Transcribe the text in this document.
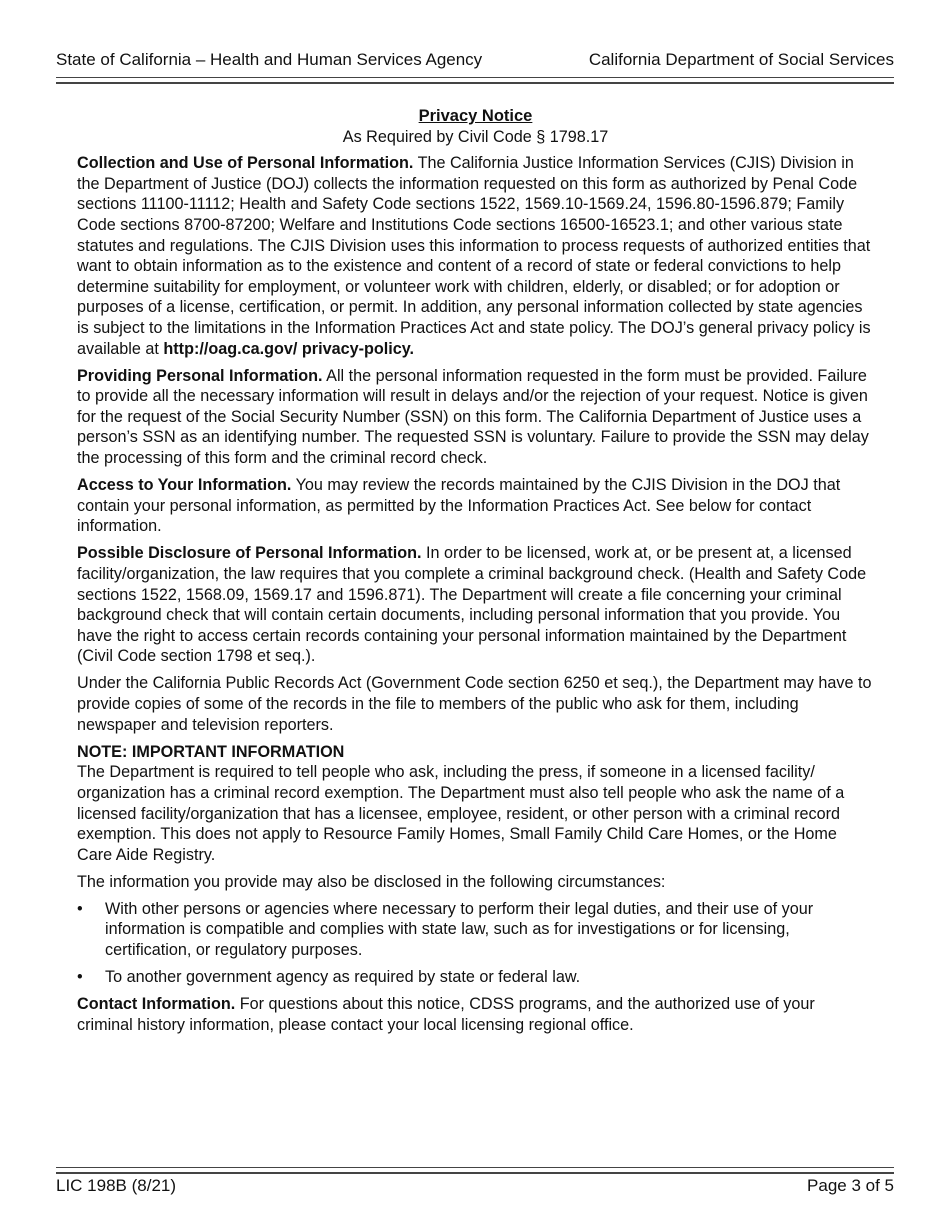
State of California – Health and Human Services Agency	California Department of Social Services
Privacy Notice
As Required by Civil Code § 1798.17

Collection and Use of Personal Information. The California Justice Information Services (CJIS) Division in the Department of Justice (DOJ) collects the information requested on this form as authorized by Penal Code sections 11100-11112; Health and Safety Code sections 1522, 1569.10-1569.24, 1596.80-1596.879; Family Code sections 8700-87200; Welfare and Institutions Code sections 16500-16523.1; and other various state statutes and regulations. The CJIS Division uses this information to process requests of authorized entities that want to obtain information as to the existence and content of a record of state or federal convictions to help determine suitability for employment, or volunteer work with children, elderly, or disabled; or for adoption or purposes of a license, certification, or permit. In addition, any personal information collected by state agencies is subject to the limitations in the Information Practices Act and state policy. The DOJ’s general privacy policy is available at http://oag.ca.gov/ privacy-policy.

Providing Personal Information. All the personal information requested in the form must be provided. Failure to provide all the necessary information will result in delays and/or the rejection of your request. Notice is given for the request of the Social Security Number (SSN) on this form. The California Department of Justice uses a person’s SSN as an identifying number. The requested SSN is voluntary. Failure to provide the SSN may delay the processing of this form and the criminal record check.

Access to Your Information. You may review the records maintained by the CJIS Division in the DOJ that contain your personal information, as permitted by the Information Practices Act. See below for contact information.

Possible Disclosure of Personal Information. In order to be licensed, work at, or be present at, a licensed facility/organization, the law requires that you complete a criminal background check. (Health and Safety Code sections 1522, 1568.09, 1569.17 and 1596.871). The Department will create a file concerning your criminal background check that will contain certain documents, including personal information that you provide. You have the right to access certain records containing your personal information maintained by the Department (Civil Code section 1798 et seq.).

Under the California Public Records Act (Government Code section 6250 et seq.), the Department may have to provide copies of some of the records in the file to members of the public who ask for them, including newspaper and television reporters.

NOTE: IMPORTANT INFORMATION

The Department is required to tell people who ask, including the press, if someone in a licensed facility/ organization has a criminal record exemption. The Department must also tell people who ask the name of a licensed facility/organization that has a licensee, employee, resident, or other person with a criminal record exemption. This does not apply to Resource Family Homes, Small Family Child Care Homes, or the Home Care Aide Registry.

The information you provide may also be disclosed in the following circumstances:

• With other persons or agencies where necessary to perform their legal duties, and their use of your information is compatible and complies with state law, such as for investigations or for licensing, certification, or regulatory purposes.
• To another government agency as required by state or federal law.

Contact Information. For questions about this notice, CDSS programs, and the authorized use of your criminal history information, please contact your local licensing regional office.

LIC 198B (8/21)	Page 3 of 5
